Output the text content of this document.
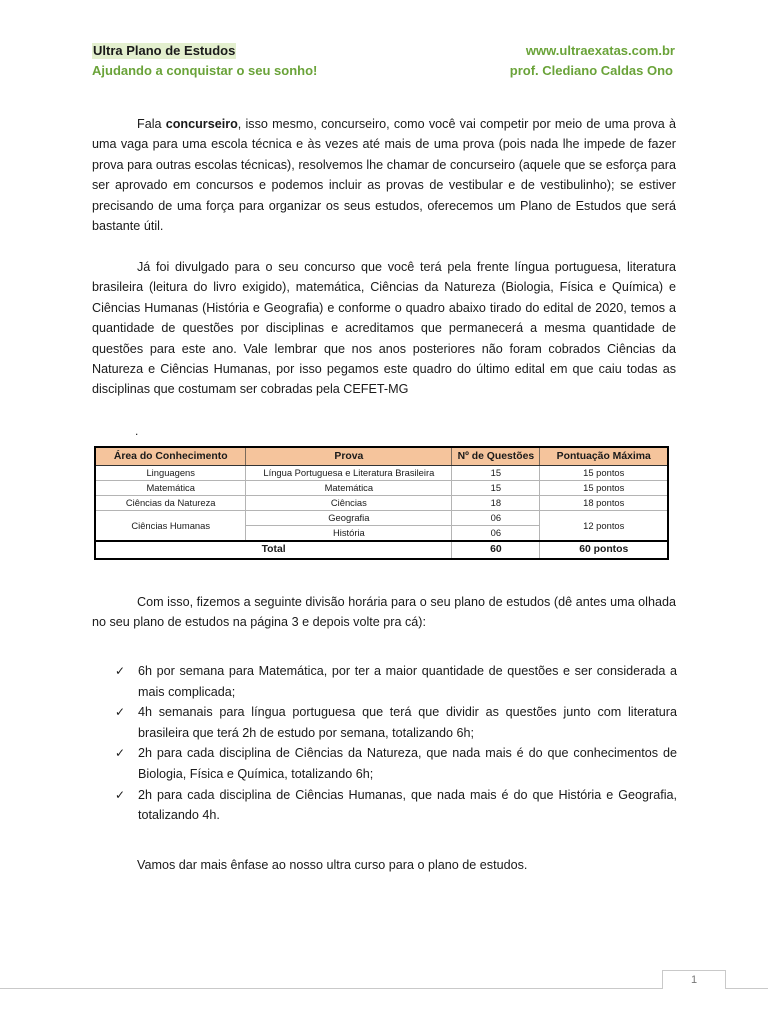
Ultra Plano de Estudos
Ajudando a conquistar o seu sonho!
www.ultraexatas.com.br
prof. Clediano Caldas Ono

Fala concurseiro, isso mesmo, concurseiro, como você vai competir por meio de uma prova à uma vaga para uma escola técnica e às vezes até mais de uma prova (pois nada lhe impede de fazer prova para outras escolas técnicas), resolvemos lhe chamar de concurseiro (aquele que se esforça para ser aprovado em concursos e podemos incluir as provas de vestibular e de vestibulinho); se estiver precisando de uma força para organizar os seus estudos, oferecemos um Plano de Estudos que será bastante útil.

Já foi divulgado para o seu concurso que você terá pela frente língua portuguesa, literatura brasileira (leitura do livro exigido), matemática, Ciências da Natureza (Biologia, Física e Química) e Ciências Humanas (História e Geografia) e conforme o quadro abaixo tirado do edital de 2020, temos a quantidade de questões por disciplinas e acreditamos que permanecerá a mesma quantidade de questões para este ano. Vale lembrar que nos anos posteriores não foram cobrados Ciências da Natureza e Ciências Humanas, por isso pegamos este quadro do último edital em que caiu todas as disciplinas que costumam ser cobradas pela CEFET-MG

.
Área do Conhecimento	Prova	Nº de Questões	Pontuação Máxima
Linguagens	Língua Portuguesa e Literatura Brasileira	15	15 pontos
Matemática	Matemática	15	15 pontos
Ciências da Natureza	Ciências	18	18 pontos
Ciências Humanas	Geografia	06	12 pontos
	História	06	
Total		60	60 pontos

Com isso, fizemos a seguinte divisão horária para o seu plano de estudos (dê antes uma olhada no seu plano de estudos na página 3 e depois volte pra cá):

✓ 6h por semana para Matemática, por ter a maior quantidade de questões e ser considerada a mais complicada;
✓ 4h semanais para língua portuguesa que terá que dividir as questões junto com literatura brasileira que terá 2h de estudo por semana, totalizando 6h;
✓ 2h para cada disciplina de Ciências da Natureza, que nada mais é do que conhecimentos de Biologia, Física e Química, totalizando 6h;
✓ 2h para cada disciplina de Ciências Humanas, que nada mais é do que História e Geografia, totalizando 4h.

Vamos dar mais ênfase ao nosso ultra curso para o plano de estudos.

1
